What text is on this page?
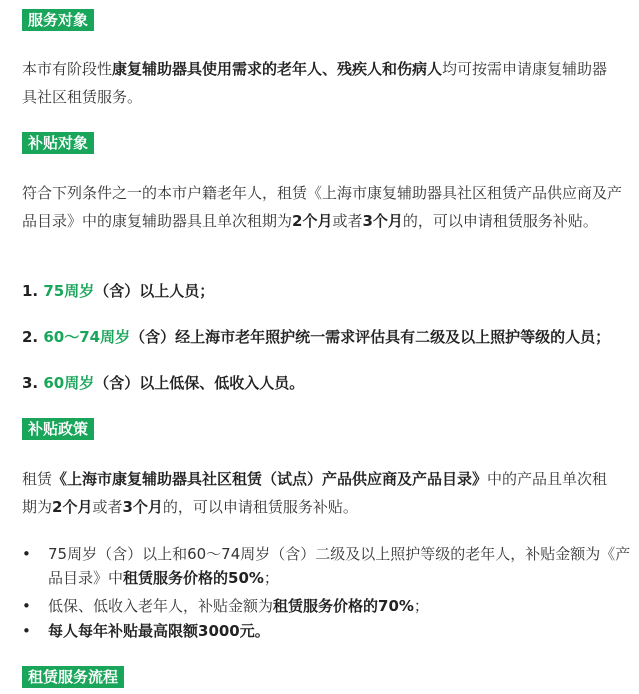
服务对象
本市有阶段性康复辅助器具使用需求的老年人、残疾人和伤病人均可按需申请康复辅助器具社区租赁服务。
补贴对象
符合下列条件之一的本市户籍老年人，租赁《上海市康复辅助器具社区租赁产品供应商及产品目录》中的康复辅助器具且单次租期为2个月或者3个月的，可以申请租赁服务补贴。
1. 75周岁（含）以上人员；
2. 60～74周岁（含）经上海市老年照护统一需求评估具有二级及以上照护等级的人员；
3. 60周岁（含）以上低保、低收入人员。
补贴政策
租赁《上海市康复辅助器具社区租赁（试点）产品供应商及产品目录》中的产品且单次租期为2个月或者3个月的，可以申请租赁服务补贴。
• 75周岁（含）以上和60～74周岁（含）二级及以上照护等级的老年人，补贴金额为《产品目录》中租赁服务价格的50%；
• 低保、低收入老年人，补贴金额为租赁服务价格的70%；
• 每人每年补贴最高限额3000元。
租赁服务流程
